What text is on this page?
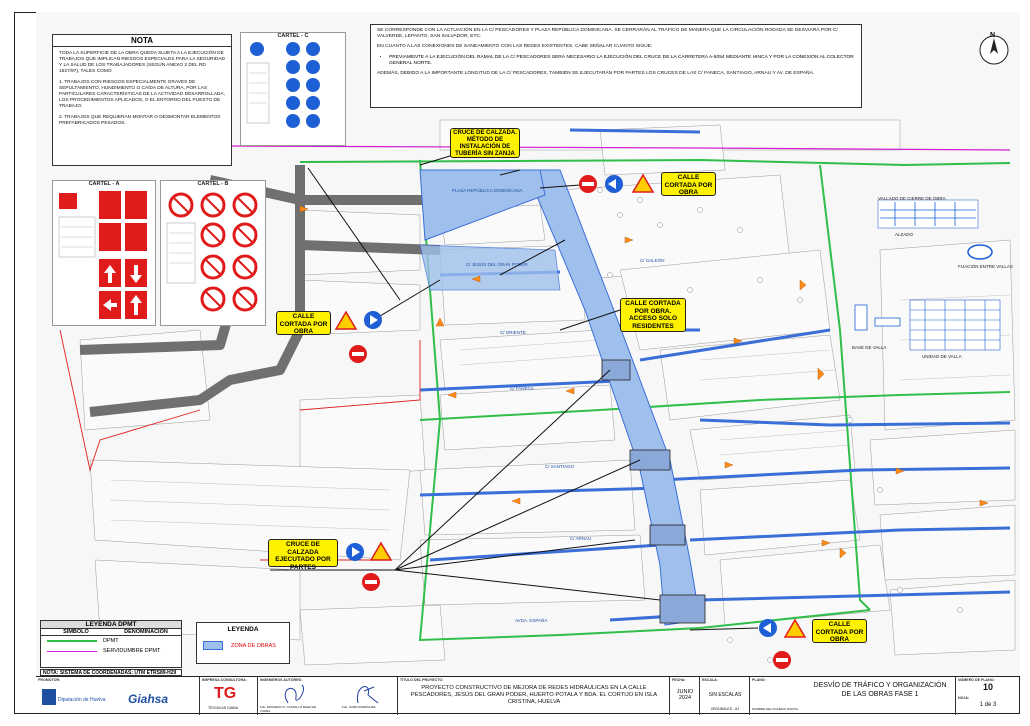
PLAZA REPÚBLICA DOMINICANA
C/ JESÚS DEL GRAN PODER
C/ GALEÓN
C/ ORIENTE
C/ FANECA
C/ SANTIAGO
C/ ARNAU
AVDA. ESPAÑA
VALLADO DE CIERRE DE OBRA
ALZADO
FIJACIÓN ENTRE VALLAS
BASE DE VALLA
UNIDAD DE VALLA
NOTA

TODA LA SUPERFICIE DE LA OBRA QUEDA SUJETA A LA EJECUCIÓN DE TRABAJOS QUE IMPLICAN RIESGOS ESPECIALES PARA LA SEGURIDAD Y LA SALUD DE LOS TRABAJADORES (SEGÚN ANEXO 2 DEL RD 1627/97), TALES COMO

1. TRABAJOS CON RIESGOS ESPECIALMENTE GRAVES DE SEPULTAMIENTO, HUNDIMIENTO O CAÍDA DE ALTURA, POR LAS PARTICULARES CARACTERÍSTICAS DE LA ACTIVIDAD DESARROLLADA, LOS PROCEDIMIENTOS APLICADOS, O EL ENTORNO DEL PUESTO DE TRABAJO.

2. TRABAJOS QUE REQUIERAN MONTAR O DESMONTAR ELEMENTOS PREFABRICADOS PESADOS.

SE CORRESPONDE CON LA ACTUACIÓN EN LA C/ PESCADORES Y PLAZA REPÚBLICA DOMINICANA. SE CERRARÁN AL TRÁFICO DE MANERA QUE LA CIRCULACIÓN RODADA SE DESVIARÁ POR C/ VALVERDE, LEPANTO, SAN SALVADOR, ETC.

EN CUANTO A LAS CONEXIONES DE SANEAMIENTO CON LAS REDES EXISTENTES, CABE SEÑALAR CUANTO SIGUE:

• PREVIAMENTE A LA EJECUCIÓN DEL RAMAL DE LA C/ PESCADORES SERÁ NECESARIO LA EJECUCIÓN DEL CRUCE DE LA CARRETERA A-5054 MEDIANTE HINCA Y POR LA CONEXIÓN AL COLECTOR GENERAL NORTE.

ADEMÁS, DEBIDO A LA IMPORTANTE LONGITUD DE LA C/ PESCADORES, TAMBIÉN SE EJECUTARÁN POR PARTES LOS CRUCES DE LAS C/ FANECA, SANTIAGO, ARNAU Y AV. DE ESPAÑA.

CARTEL - C
CARTEL - A	CARTEL - B
CRUCE DE CALZADA. MÉTODO DE INSTALACIÓN DE TUBERÍA SIN ZANJA
CALLE CORTADA POR OBRA
CALLE CORTADA POR OBRA
CALLE CORTADA POR OBRA. ACCESO SOLO RESIDENTES
CRUCE DE CALZADA EJECUTADO POR PARTES
CALLE CORTADA POR OBRA
N
LEYENDA DPMT
SÍMBOLO	DENOMINACIÓN
DPMT
SERVIDUMBRE DPMT
NOTA: SISTEMA DE COORDENADAS: UTM ETRS89-H29
LEYENDA
ZONA DE OBRAS
PROMOTOR:
Diputación de Huelva Giahsa
EMPRESA CONSULTORA:
TG
TÉCNICAS GAIBA
INGENIEROS AUTORES:
Fdo. EDUARDO D. CASTELLÓ BAEZ DE VIGIRA
Fdo. JOSÉ RODRÍGUEZ
TÍTULO DEL PROYECTO:
PROYECTO CONSTRUCTIVO DE MEJORA DE REDES HIDRÁULICAS EN LA CALLE PESCADORES, JESÚS DEL GRAN PODER, HUERTO POTALA Y BDA. EL CORTIJO EN ISLA CRISTINA, HUELVA
FECHA:
JUNIO 2024
ESCALA:
SIN ESCALAS
ORIGINALES - A1
PLANO:
DESVÍO DE TRÁFICO Y ORGANIZACIÓN DE LAS OBRAS FASE 1
NOMBRE DEL FICHERO DIGITAL
NÚMERO DE PLANO:
10
HOJA:
1 de 3
